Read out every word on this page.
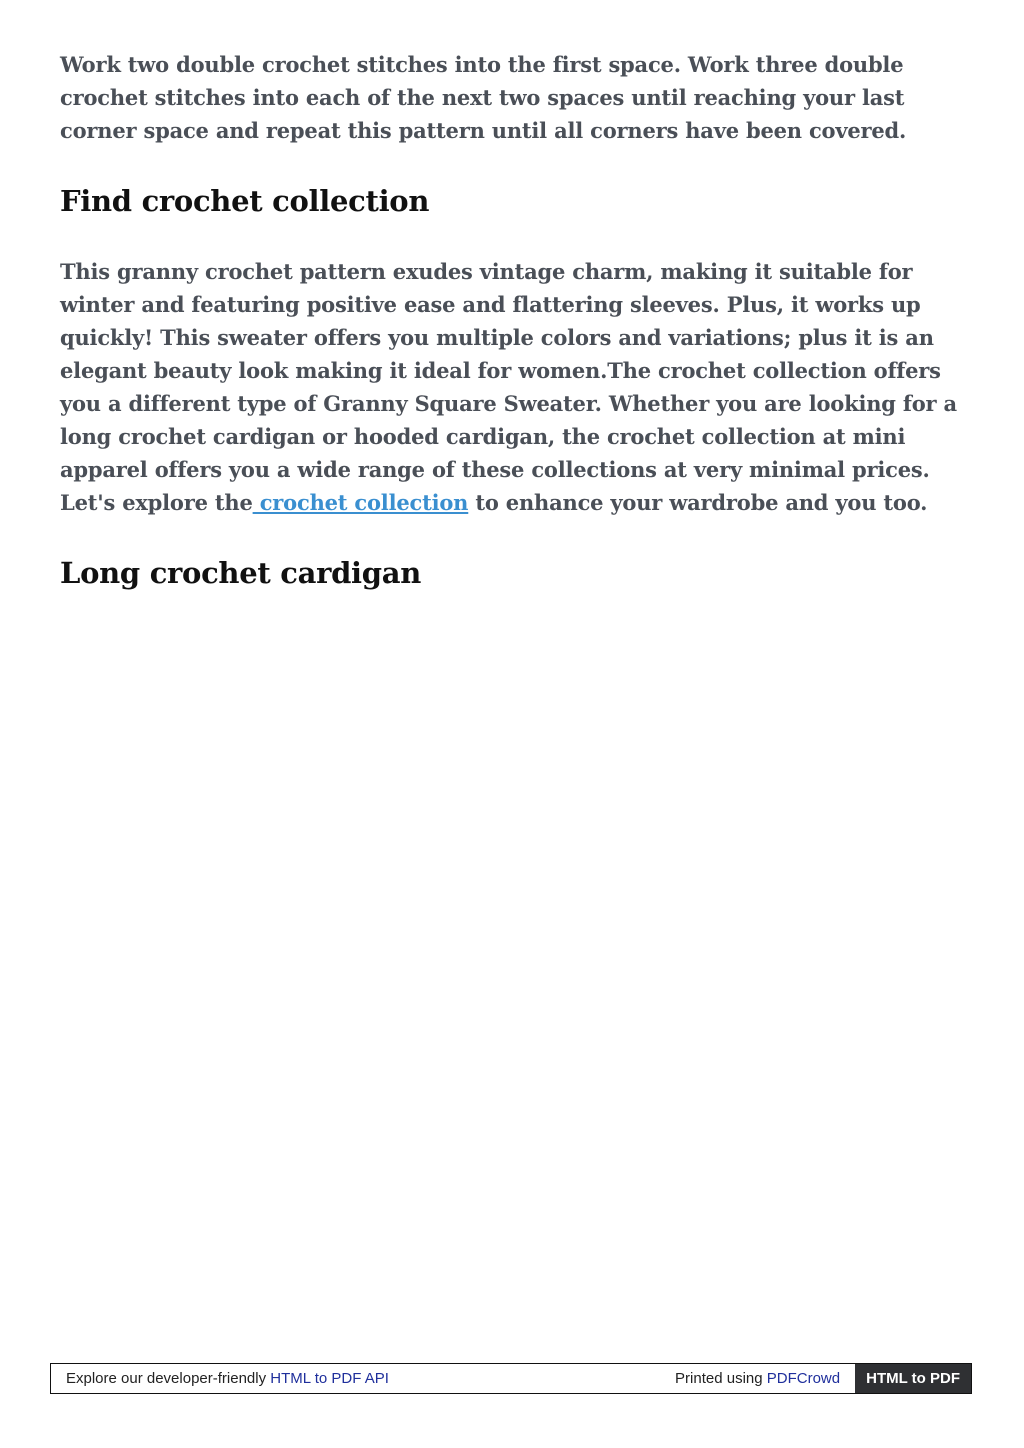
Work two double crochet stitches into the first space. Work three double crochet stitches into each of the next two spaces until reaching your last corner space and repeat this pattern until all corners have been covered.

Find crochet collection

This granny crochet pattern exudes vintage charm, making it suitable for winter and featuring positive ease and flattering sleeves. Plus, it works up quickly! This sweater offers you multiple colors and variations; plus it is an elegant beauty look making it ideal for women.The crochet collection offers you a different type of Granny Square Sweater. Whether you are looking for a long crochet cardigan or hooded cardigan, the crochet collection at mini apparel offers you a wide range of these collections at very minimal prices. Let's explore the crochet collection to enhance your wardrobe and you too.

Long crochet cardigan
Explore our developer-friendly HTML to PDF API	Printed using PDFCrowd	HTML to PDF
